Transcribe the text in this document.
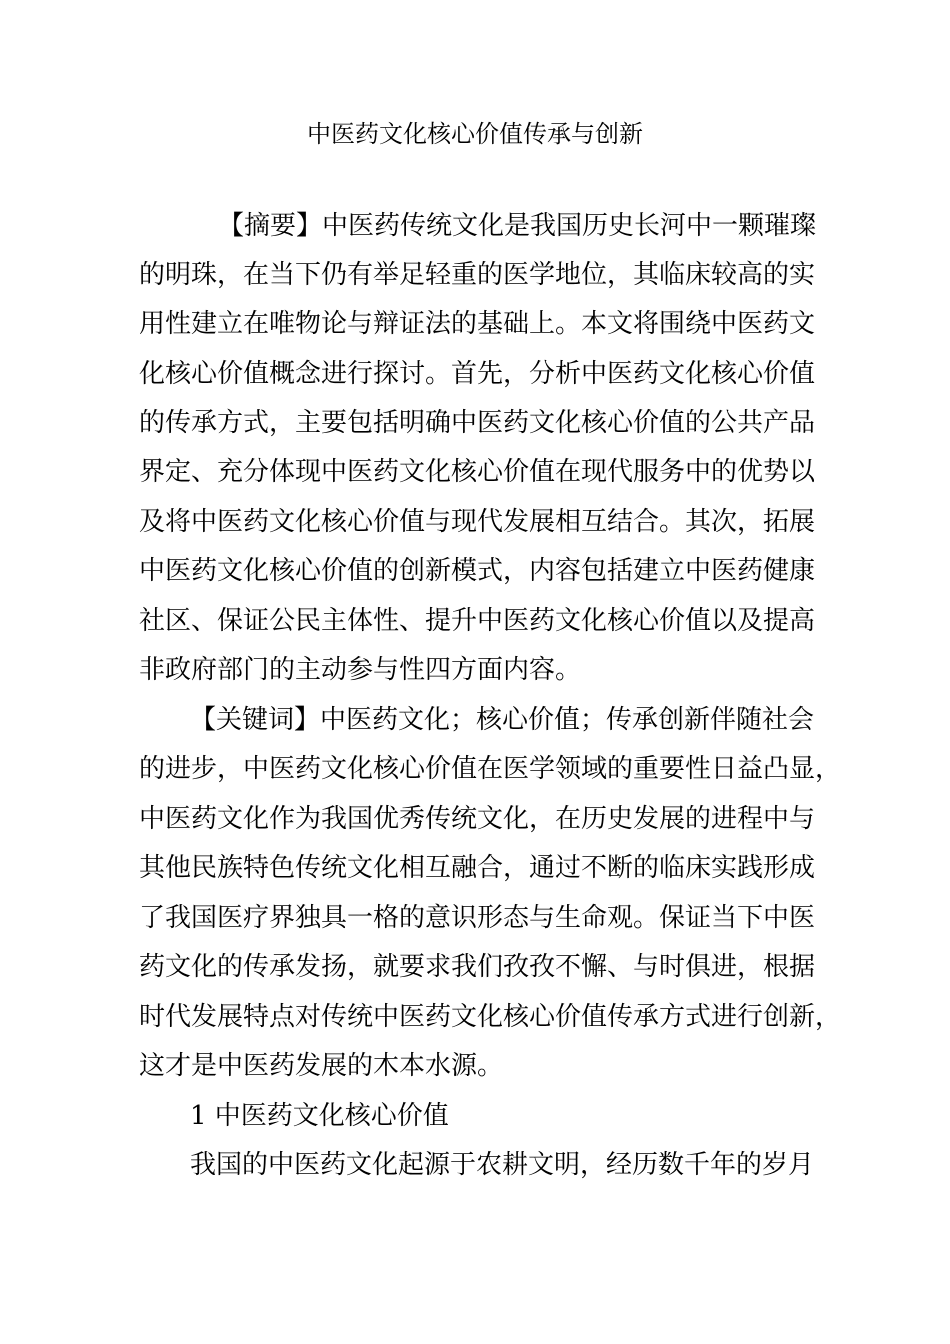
中医药文化核心价值传承与创新
【摘要】中医药传统文化是我国历史长河中一颗璀璨
的明珠，在当下仍有举足轻重的医学地位，其临床较高的实
用性建立在唯物论与辩证法的基础上。本文将围绕中医药文
化核心价值概念进行探讨。首先，分析中医药文化核心价值
的传承方式，主要包括明确中医药文化核心价值的公共产品
界定、充分体现中医药文化核心价值在现代服务中的优势以
及将中医药文化核心价值与现代发展相互结合。其次，拓展
中医药文化核心价值的创新模式，内容包括建立中医药健康
社区、保证公民主体性、提升中医药文化核心价值以及提高
非政府部门的主动参与性四方面内容。
【关键词】中医药文化；核心价值；传承创新伴随社会
的进步，中医药文化核心价值在医学领域的重要性日益凸显，
中医药文化作为我国优秀传统文化，在历史发展的进程中与
其他民族特色传统文化相互融合，通过不断的临床实践形成
了我国医疗界独具一格的意识形态与生命观。保证当下中医
药文化的传承发扬，就要求我们孜孜不懈、与时俱进，根据
时代发展特点对传统中医药文化核心价值传承方式进行创新，
这才是中医药发展的木本水源。
1 中医药文化核心价值
我国的中医药文化起源于农耕文明，经历数千年的岁月
